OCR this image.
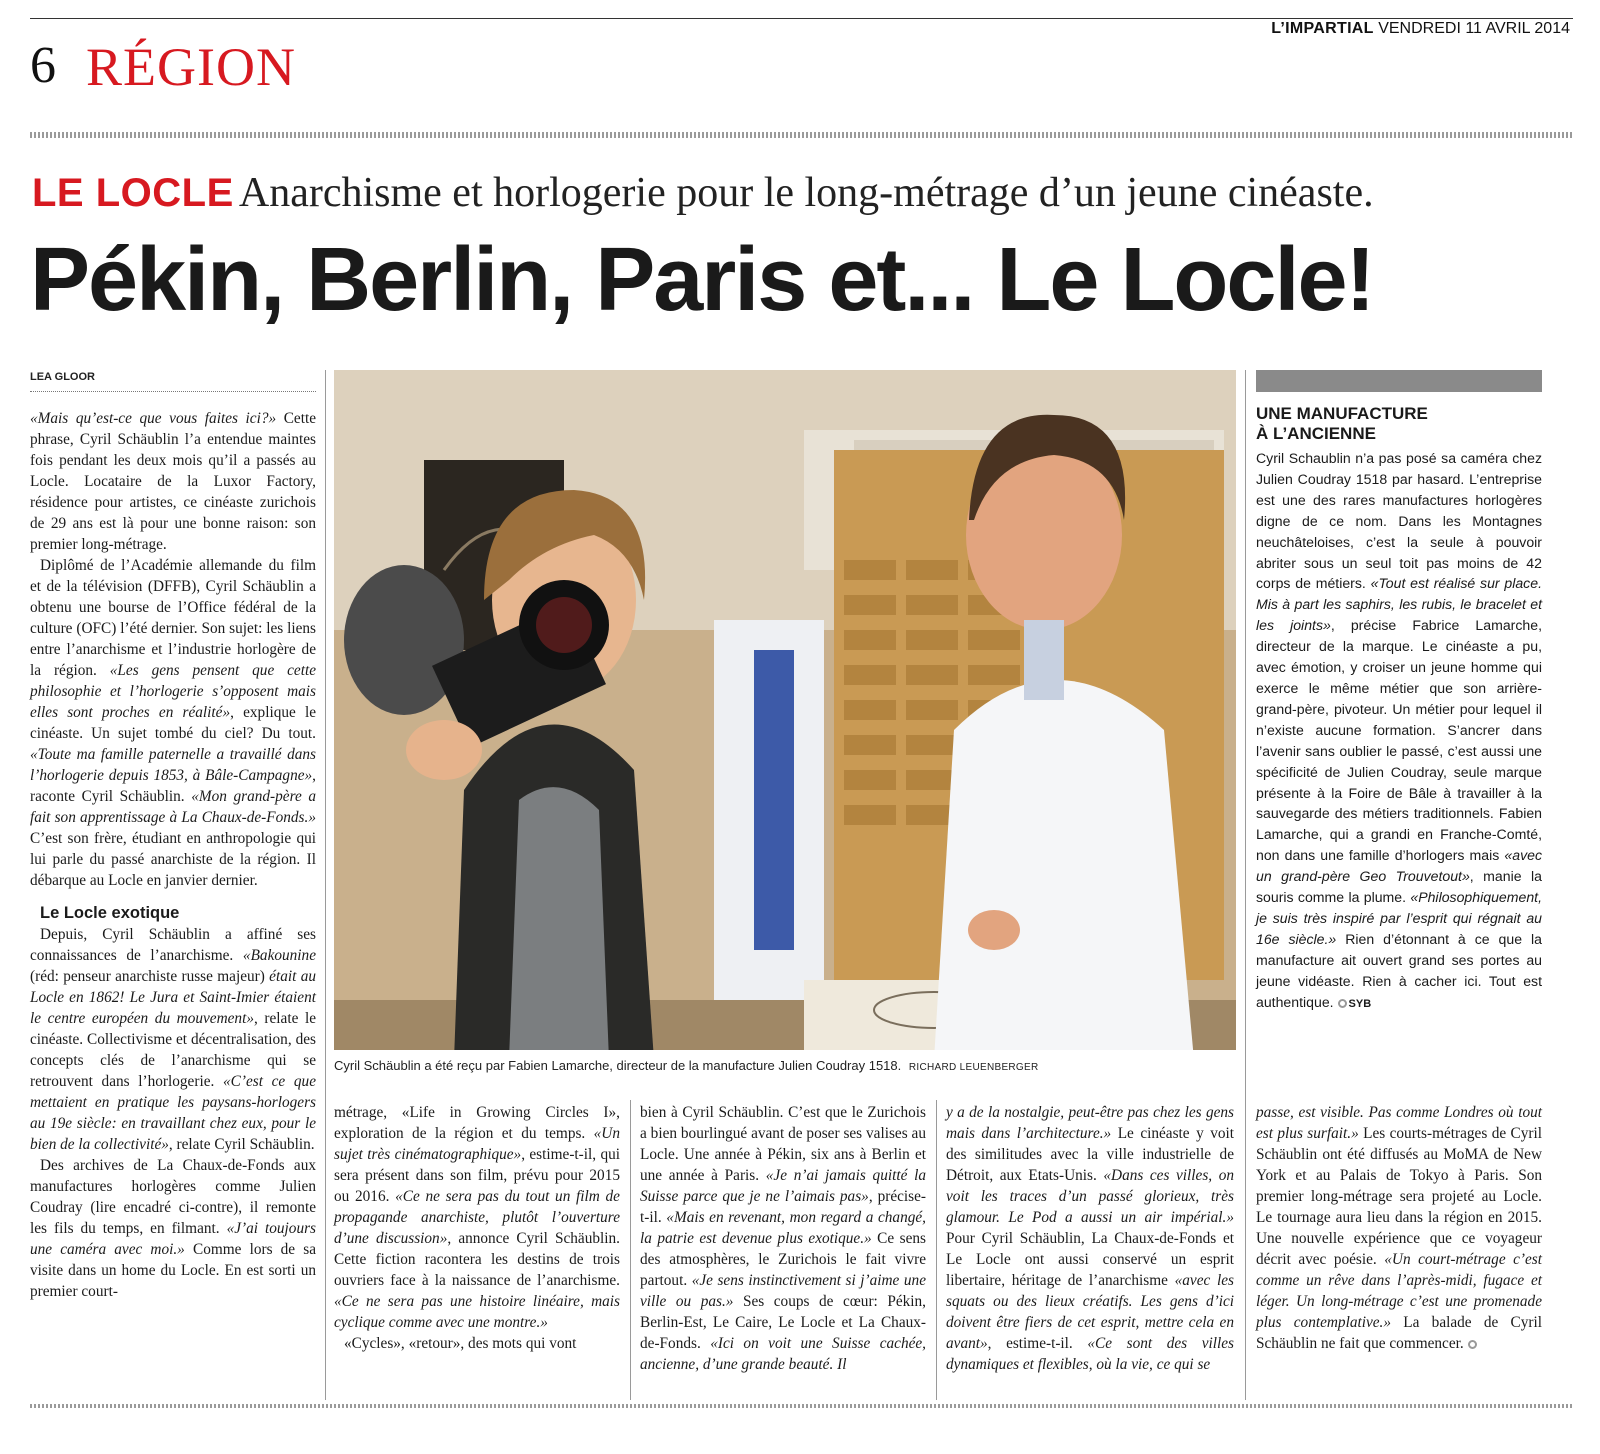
L’IMPARTIAL VENDREDI 11 AVRIL 2014
6 RÉGION
LE LOCLE Anarchisme et horlogerie pour le long-métrage d’un jeune cinéaste.
Pékin, Berlin, Paris et... Le Locle!
LEA GLOOR

«Mais qu’est-ce que vous faites ici?» Cette phrase, Cyril Schäublin l’a entendue maintes fois pendant les deux mois qu’il a passés au Locle. Locataire de la Luxor Factory, résidence pour artistes, ce cinéaste zurichois de 29 ans est là pour une bonne raison: son premier long-métrage.

Diplômé de l’Académie allemande du film et de la télévision (DFFB), Cyril Schäublin a obtenu une bourse de l’Office fédéral de la culture (OFC) l’été dernier. Son sujet: les liens entre l’anarchisme et l’industrie horlogère de la région. «Les gens pensent que cette philosophie et l’horlogerie s’opposent mais elles sont proches en réalité», explique le cinéaste. Un sujet tombé du ciel? Du tout. «Toute ma famille paternelle a travaillé dans l’horlogerie depuis 1853, à Bâle-Campagne», raconte Cyril Schäublin. «Mon grand-père a fait son apprentissage à La Chaux-de-Fonds.» C’est son frère, étudiant en anthropologie qui lui parle du passé anarchiste de la région. Il débarque au Locle en janvier dernier.

Le Locle exotique

Depuis, Cyril Schäublin a affiné ses connaissances de l’anarchisme. «Bakounine (réd: penseur anarchiste russe majeur) était au Locle en 1862! Le Jura et Saint-Imier étaient le centre européen du mouvement», relate le cinéaste. Collectivisme et décentralisation, des concepts clés de l’anarchisme qui se retrouvent dans l’horlogerie. «C’est ce que mettaient en pratique les paysans-horlogers au 19e siècle: en travaillant chez eux, pour le bien de la collectivité», relate Cyril Schäublin.

Des archives de La Chaux-de-Fonds aux manufactures horlogères comme Julien Coudray (lire encadré ci-contre), il remonte les fils du temps, en filmant. «J’ai toujours une caméra avec moi.» Comme lors de sa visite dans un home du Locle. En est sorti un premier court-

Cyril Schäublin a été reçu par Fabien Lamarche, directeur de la manufacture Julien Coudray 1518. RICHARD LEUENBERGER
UNE MANUFACTURE
À L’ANCIENNE

Cyril Schaublin n’a pas posé sa caméra chez Julien Coudray 1518 par hasard. L’entreprise est une des rares manufactures horlogères digne de ce nom. Dans les Montagnes neuchâteloises, c’est la seule à pouvoir abriter sous un seul toit pas moins de 42 corps de métiers. «Tout est réalisé sur place. Mis à part les saphirs, les rubis, le bracelet et les joints», précise Fabrice Lamarche, directeur de la marque. Le cinéaste a pu, avec émotion, y croiser un jeune homme qui exerce le même métier que son arrière-grand-père, pivoteur. Un métier pour lequel il n’existe aucune formation. S’ancrer dans l’avenir sans oublier le passé, c’est aussi une spécificité de Julien Coudray, seule marque présente à la Foire de Bâle à travailler à la sauvegarde des métiers traditionnels. Fabien Lamarche, qui a grandi en Franche-Comté, non dans une famille d’horlogers mais «avec un grand-père Geo Trouvetout», manie la souris comme la plume. «Philosophiquement, je suis très inspiré par l’esprit qui régnait au 16e siècle.» Rien d’étonnant à ce que la manufacture ait ouvert grand ses portes au jeune vidéaste. Rien à cacher ici. Tout est authentique. SYB

métrage, «Life in Growing Circles I», exploration de la région et du temps. «Un sujet très cinématographique», estime-t-il, qui sera présent dans son film, prévu pour 2015 ou 2016. «Ce ne sera pas du tout un film de propagande anarchiste, plutôt l’ouverture d’une discussion», annonce Cyril Schäublin. Cette fiction racontera les destins de trois ouvriers face à la naissance de l’anarchisme. «Ce ne sera pas une histoire linéaire, mais cyclique comme avec une montre.»

«Cycles», «retour», des mots qui vont

bien à Cyril Schäublin. C’est que le Zurichois a bien bourlingué avant de poser ses valises au Locle. Une année à Pékin, six ans à Berlin et une année à Paris. «Je n’ai jamais quitté la Suisse parce que je ne l’aimais pas», précise-t-il. «Mais en revenant, mon regard a changé, la patrie est devenue plus exotique.» Ce sens des atmosphères, le Zurichois le fait vivre partout. «Je sens instinctivement si j’aime une ville ou pas.» Ses coups de cœur: Pékin, Berlin-Est, Le Caire, Le Locle et La Chaux-de-Fonds. «Ici on voit une Suisse cachée, ancienne, d’une grande beauté. Il

y a de la nostalgie, peut-être pas chez les gens mais dans l’architecture.» Le cinéaste y voit des similitudes avec la ville industrielle de Détroit, aux Etats-Unis. «Dans ces villes, on voit les traces d’un passé glorieux, très glamour. Le Pod a aussi un air impérial.» Pour Cyril Schäublin, La Chaux-de-Fonds et Le Locle ont aussi conservé un esprit libertaire, héritage de l’anarchisme «avec les squats ou des lieux créatifs. Les gens d’ici doivent être fiers de cet esprit, mettre cela en avant», estime-t-il. «Ce sont des villes dynamiques et flexibles, où la vie, ce qui se

passe, est visible. Pas comme Londres où tout est plus surfait.» Les courts-métrages de Cyril Schäublin ont été diffusés au MoMA de New York et au Palais de Tokyo à Paris. Son premier long-métrage sera projeté au Locle. Le tournage aura lieu dans la région en 2015. Une nouvelle expérience que ce voyageur décrit avec poésie. «Un court-métrage c’est comme un rêve dans l’après-midi, fugace et léger. Un long-métrage c’est une promenade plus contemplative.» La balade de Cyril Schäublin ne fait que commencer.
